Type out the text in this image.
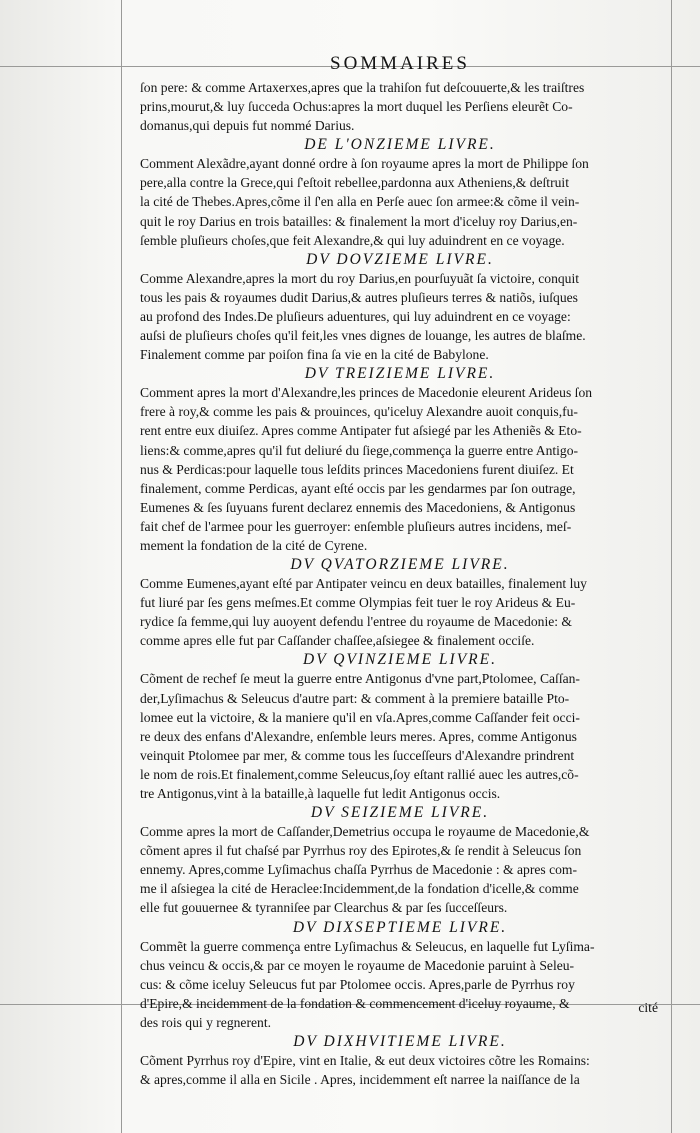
SOMMAIRES
ſon pere: & comme Artaxerxes,apres que la trahiſon fut deſcouuerte,& les traiſtres
prins,mourut,& luy ſucceda Ochus:apres la mort duquel les Perſiens eleurẽt Co-
domanus,qui depuis fut nommé Darius.
DE L'ONZIEME LIVRE.
Comment Alexãdre,ayant donné ordre à ſon royaume apres la mort de Philippe ſon
pere,alla contre la Grece,qui ſ'eſtoit rebellee,pardonna aux Atheniens,& deſtruit
la cité de Thebes.Apres,cõme il ſ'en alla en Perſe auec ſon armee:& cõme il vein-
quit le roy Darius en trois batailles: & finalement la mort d'iceluy roy Darius,en-
ſemble pluſieurs choſes,que feit Alexandre,& qui luy aduindrent en ce voyage.
DV DOVZIEME LIVRE.
Comme Alexandre,apres la mort du roy Darius,en pourſuyuãt ſa victoire, conquit
tous les pais & royaumes dudit Darius,& autres pluſieurs terres & natiõs, iuſques
au profond des Indes.De pluſieurs aduentures, qui luy aduindrent en ce voyage:
auſsi de pluſieurs choſes qu'il feit,les vnes dignes de louange, les autres de blaſme.
Finalement comme par poiſon fina ſa vie en la cité de Babylone.
DV TREIZIEME LIVRE.
Comment apres la mort d'Alexandre,les princes de Macedonie eleurent Arideus ſon
frere à roy,& comme les pais & prouinces, qu'iceluy Alexandre auoit conquis,fu-
rent entre eux diuiſez. Apres comme Antipater fut aſsiegé par les Atheniẽs & Eto-
liens:& comme,apres qu'il fut deliuré du ſiege,commença la guerre entre Antigo-
nus & Perdicas:pour laquelle tous leſdits princes Macedoniens furent diuiſez. Et
finalement, comme Perdicas, ayant eſté occis par les gendarmes par ſon outrage,
Eumenes & ſes ſuyuans furent declarez ennemis des Macedoniens, & Antigonus
fait chef de l'armee pour les guerroyer: enſemble pluſieurs autres incidens, meſ-
mement la fondation de la cité de Cyrene.
DV QVATORZIEME LIVRE.
Comme Eumenes,ayant eſté par Antipater veincu en deux batailles, finalement luy
fut liuré par ſes gens meſmes.Et comme Olympias feit tuer le roy Arideus & Eu-
rydice ſa femme,qui luy auoyent defendu l'entree du royaume de Macedonie: &
comme apres elle fut par Caſſander chaſſee,aſsiegee & finalement occiſe.
DV QVINZIEME LIVRE.
Cõment de rechef ſe meut la guerre entre Antigonus d'vne part,Ptolomee, Caſſan-
der,Lyſimachus & Seleucus d'autre part: & comment à la premiere bataille Pto-
lomee eut la victoire, & la maniere qu'il en vſa.Apres,comme Caſſander feit occi-
re deux des enfans d'Alexandre, enſemble leurs meres. Apres, comme Antigonus
veinquit Ptolomee par mer, & comme tous les ſucceſſeurs d'Alexandre prindrent
le nom de rois.Et finalement,comme Seleucus,ſoy eſtant rallié auec les autres,cõ-
tre Antigonus,vint à la bataille,à laquelle fut ledit Antigonus occis.
DV SEIZIEME LIVRE.
Comme apres la mort de Caſſander,Demetrius occupa le royaume de Macedonie,&
cõment apres il fut chaſsé par Pyrrhus roy des Epirotes,& ſe rendit à Seleucus ſon
ennemy. Apres,comme Lyſimachus chaſſa Pyrrhus de Macedonie : & apres com-
me il aſsiegea la cité de Heraclee:Incidemment,de la fondation d'icelle,& comme
elle fut gouuernee & tyranniſee par Clearchus & par ſes ſucceſſeurs.
DV DIXSEPTIEME LIVRE.
Commẽt la guerre commença entre Lyſimachus & Seleucus, en laquelle fut Lyſima-
chus veincu & occis,& par ce moyen le royaume de Macedonie paruint à Seleu-
cus: & cõme iceluy Seleucus fut par Ptolomee occis. Apres,parle de Pyrrhus roy
d'Epire,& incidemment de la fondation & commencement d'iceluy royaume, &
des rois qui y regnerent.
DV DIXHVITIEME LIVRE.
Cõment Pyrrhus roy d'Epire, vint en Italie, & eut deux victoires cõtre les Romains:
& apres,comme il alla en Sicile . Apres, incidemment eſt narree la naiſſance de la
cité
